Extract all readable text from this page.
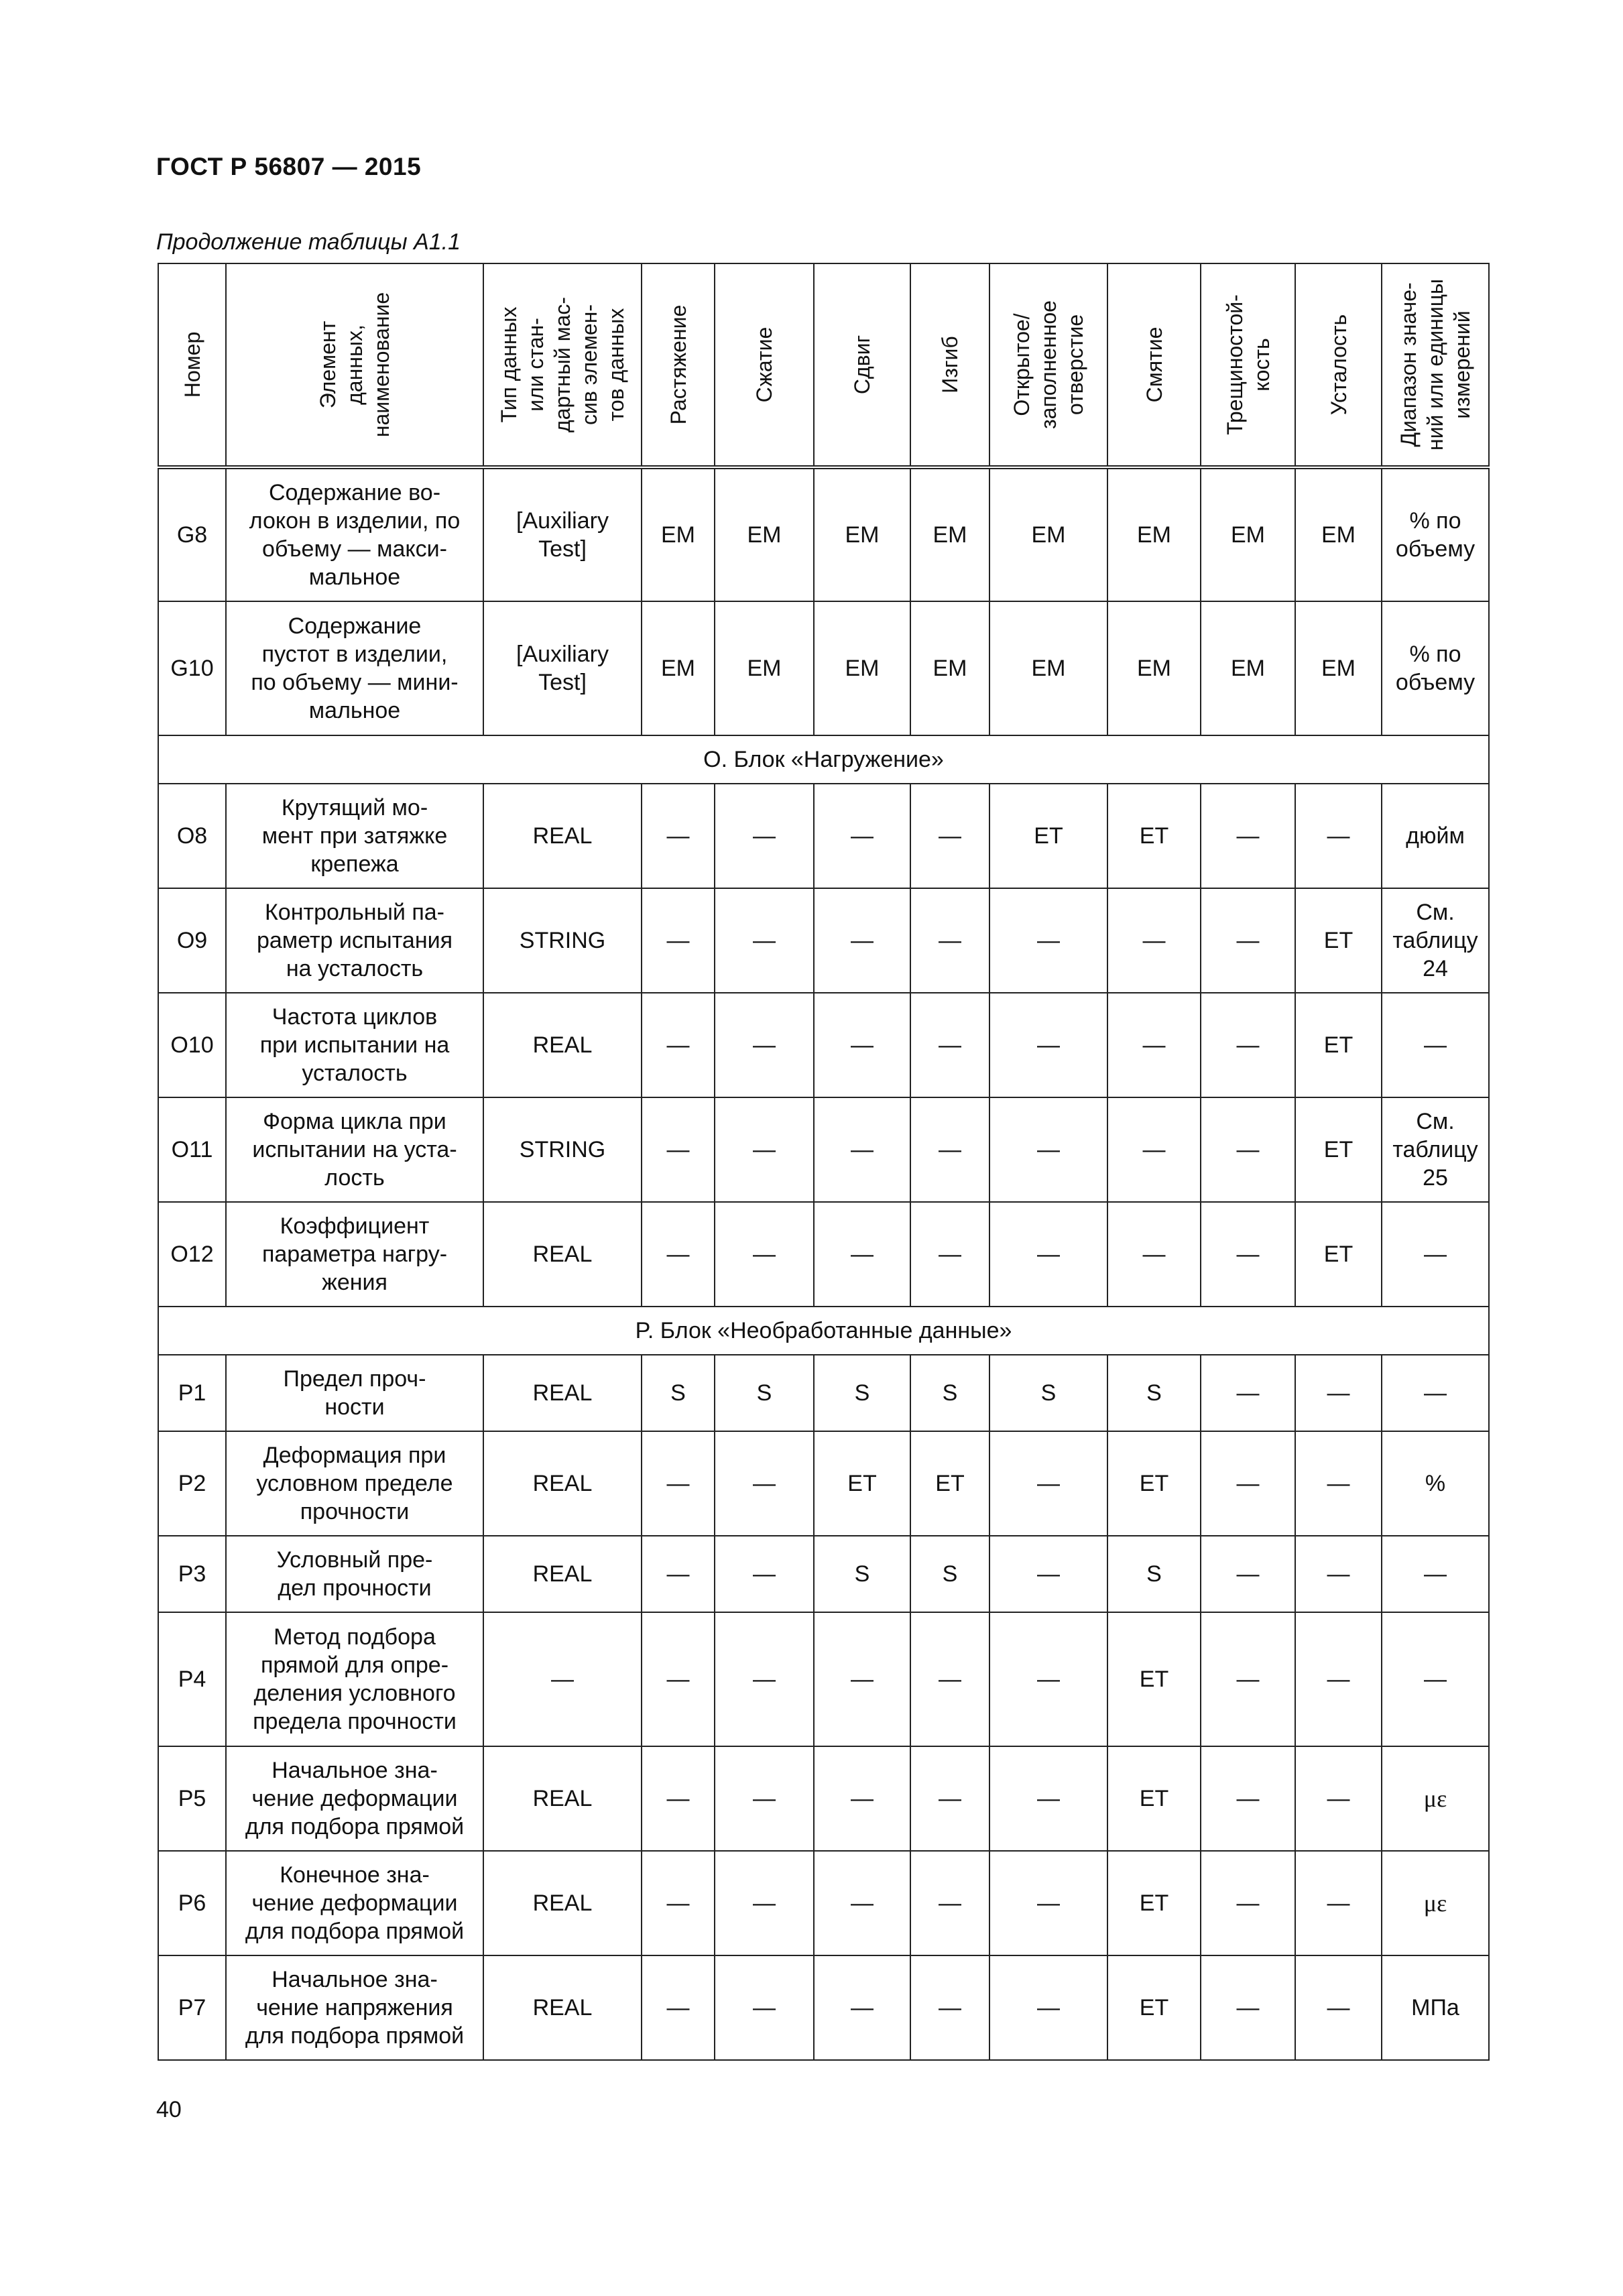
ГОСТ Р 56807 — 2015
Продолжение таблицы А1.1
Номер	Элемент
данных,
наименование	Тип данных
или стан-
дартный мас-
сив элемен-
тов данных	Растяжение	Сжатие	Сдвиг	Изгиб	Открытое/
заполненное
отверстие	Смятие	Трещиностой-
кость	Усталость	Диапазон значе-
ний или единицы
измерений

G8	Содержание во-
локон в изделии, по
объему — макси-
мальное	[Auxiliary
Test]	EM	EM	EM	EM	EM	EM	EM	EM	% по
объему
G10	Содержание
пустот в изделии,
по объему — мини-
мальное	[Auxiliary
Test]	EM	EM	EM	EM	EM	EM	EM	EM	% по
объему
O. Блок «Нагружение»											
O8	Крутящий мо-
мент при затяжке
крепежа	REAL	—	—	—	—	ET	ET	—	—	дюйм
O9	Контрольный па-
раметр испытания
на усталость	STRING	—	—	—	—	—	—	—	ET	См.
таблицу
24
O10	Частота циклов
при испытании на
усталость	REAL	—	—	—	—	—	—	—	ET	—
O11	Форма цикла при
испытании на уста-
лость	STRING	—	—	—	—	—	—	—	ET	См.
таблицу
25
O12	Коэффициент
параметра нагру-
жения	REAL	—	—	—	—	—	—	—	ET	—
P. Блок «Необработанные данные»											
P1	Предел проч-
ности	REAL	S	S	S	S	S	S	—	—	—
P2	Деформация при
условном пределе
прочности	REAL	—	—	ET	ET	—	ET	—	—	%
P3	Условный пре-
дел прочности	REAL	—	—	S	S	—	S	—	—	—
P4	Метод подбора
прямой для опре-
деления условного
предела прочности	—	—	—	—	—	—	ET	—	—	—
P5	Начальное зна-
чение деформации
для подбора прямой	REAL	—	—	—	—	—	ET	—	—	με
P6	Конечное зна-
чение деформации
для подбора прямой	REAL	—	—	—	—	—	ET	—	—	με
P7	Начальное зна-
чение напряжения
для подбора прямой	REAL	—	—	—	—	—	ET	—	—	МПа
40
